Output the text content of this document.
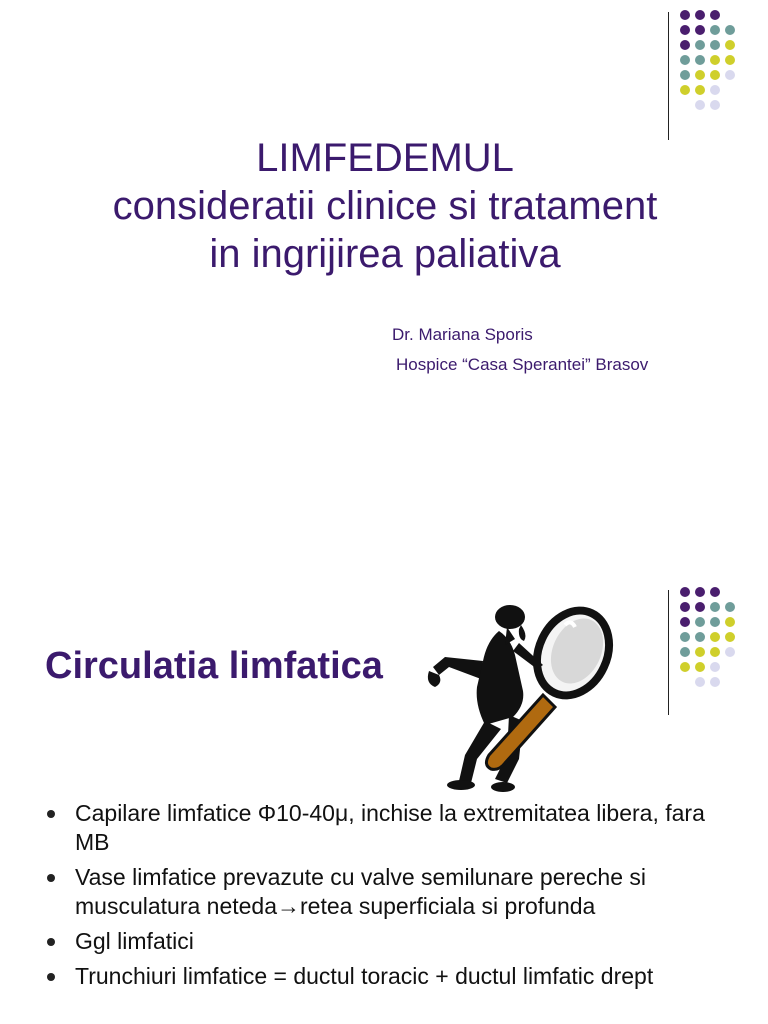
LIMFEDEMUL
consideratii clinice si tratament
in ingrijirea paliativa
Dr. Mariana Sporis
Hospice “Casa Sperantei” Brasov
Circulatia limfatica
Capilare limfatice Φ10-40μ, inchise la extremitatea libera, fara MB
Vase limfatice prevazute cu valve semilunare pereche si musculatura neteda→retea superficiala si profunda
Ggl limfatici
Trunchiuri limfatice = ductul toracic + ductul limfatic drept
